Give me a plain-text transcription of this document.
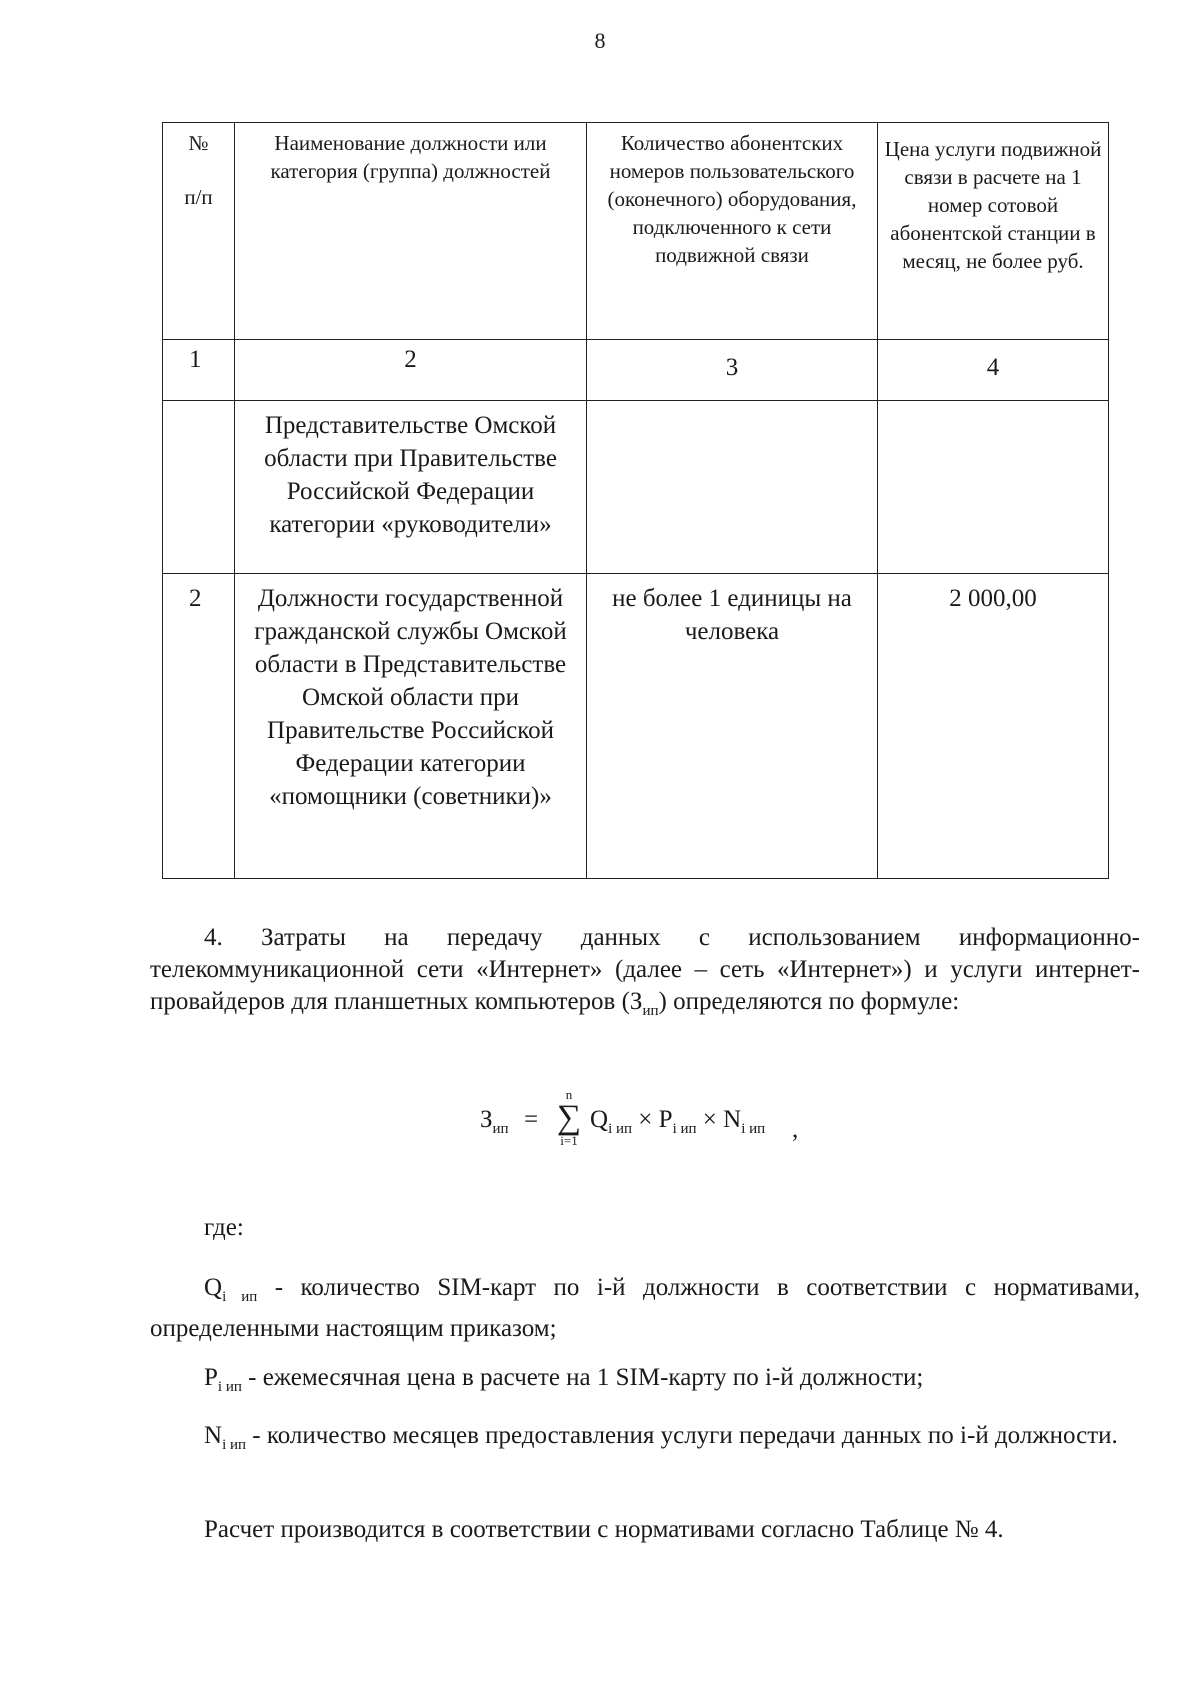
8
№
п/п	Наименование должности или категория (группа) должностей	Количество абонентских номеров пользовательского (оконечного) оборудования, подключенного к сети подвижной связи	Цена услуги подвижной связи в расчете на 1 номер сотовой абонентской станции в месяц, не более руб.
1	2	3	4
	Представительстве Омской области при Правительстве Российской Федерации категории «руководители»		
2	Должности государственной гражданской службы Омской области в Представительстве Омской области при Правительстве Российской Федерации категории «помощники (советники)»	не более 1 единицы на человека	2 000,00
4. Затраты на передачу данных с использованием информационно-телекоммуникационной сети «Интернет» (далее – сеть «Интернет») и услуги интернет-провайдеров для планшетных компьютеров $(З_{ип})$ определяются по формуле:
$З_{ип}$ =
n
∑
i=1
$Q_{i ип} \times P_{i ип} \times N_{i ип}$ ,
где:
$Q_{i ип}$ - количество SIM-карт по i-й должности в соответствии с нормативами, определенными настоящим приказом;
$P_{i ип}$ - ежемесячная цена в расчете на 1 SIM-карту по i-й должности;
$N_{i ип}$ - количество месяцев предоставления услуги передачи данных по i-й должности.
Расчет производится в соответствии с нормативами согласно Таблице № 4.
